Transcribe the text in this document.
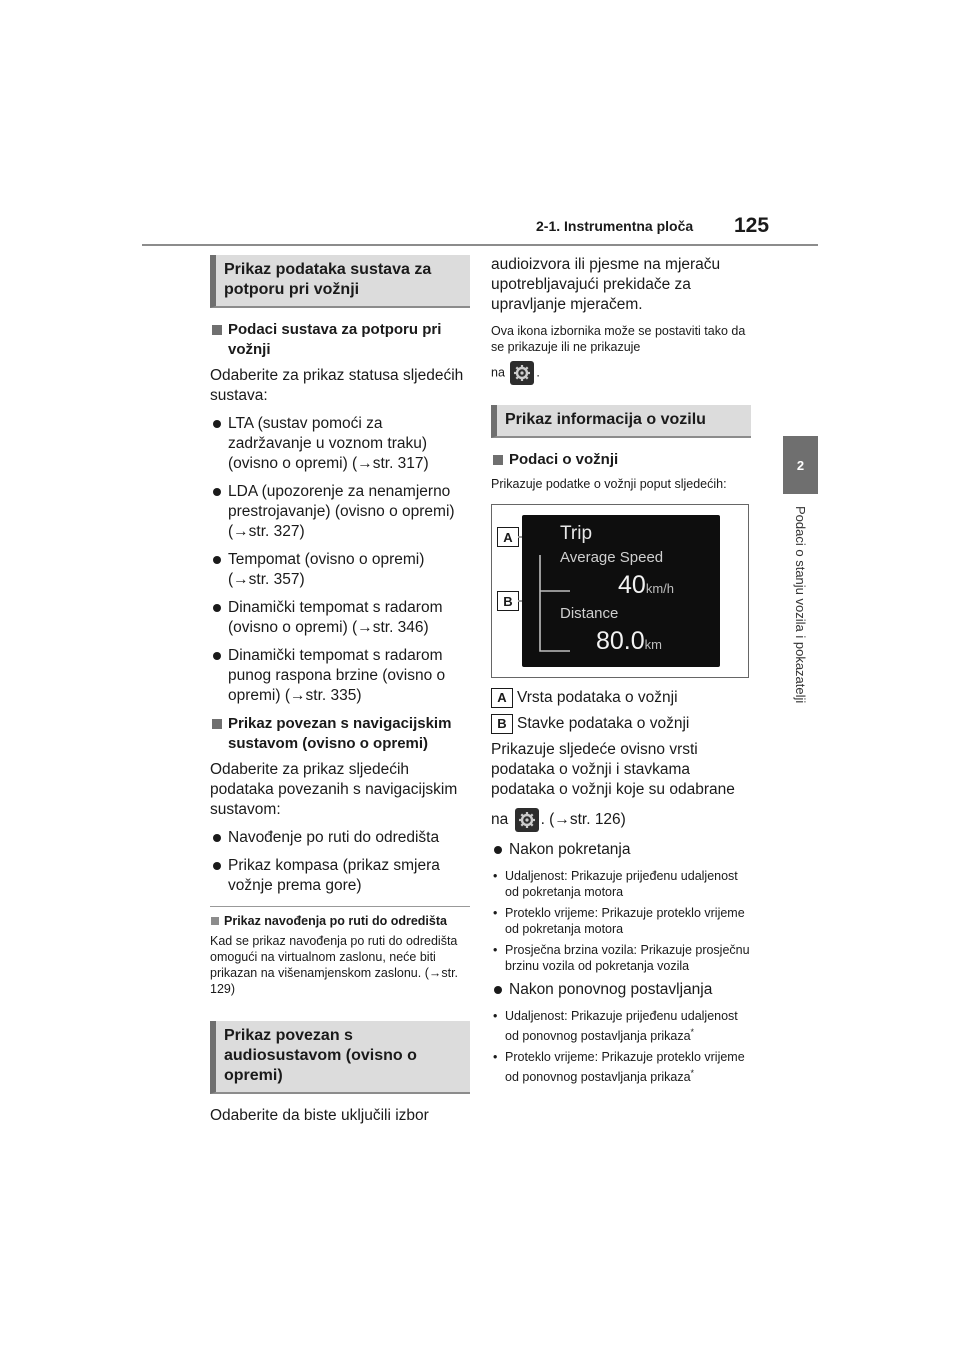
2-1. Instrumentna ploča 125
2
Podaci o stanju vozila i pokazatelji
Prikaz podataka sustava za potporu pri vožnji
Podaci sustava za potporu pri vožnji
Odaberite za prikaz statusa sljedećih sustava:
LTA (sustav pomoći za zadržavanje u voznom traku) (ovisno o opremi) (→str. 317)
LDA (upozorenje za nenamjerno prestrojavanje) (ovisno o opremi) (→str. 327)
Tempomat (ovisno o opremi) (→str. 357)
Dinamički tempomat s radarom (ovisno o opremi) (→str. 346)
Dinamički tempomat s radarom punog raspona brzine (ovisno o opremi) (→str. 335)
Prikaz povezan s navigacijskim sustavom (ovisno o opremi)
Odaberite za prikaz sljedećih podataka povezanih s navigacijskim sustavom:
Navođenje po ruti do odredišta
Prikaz kompasa (prikaz smjera vožnje prema gore)
Prikaz navođenja po ruti do odredišta
Kad se prikaz navođenja po ruti do odredišta omogući na virtualnom zaslonu, neće biti prikazan na višenamjenskom zaslonu. (→str. 129)
Prikaz povezan s audiosustavom (ovisno o opremi)
Odaberite da biste uključili izbor
audioizvora ili pjesme na mjeraču upotrebljavajući prekidače za upravljanje mjeračem.
Ova ikona izbornika može se postaviti tako da se prikazuje ili ne prikazuje
na	.
Prikaz informacija o vozilu
Podaci o vožnji
Prikazuje podatke o vožnji poput sljedećih:
A
B
Trip
Average Speed
40km/h
Distance
80.0km
A Vrsta podataka o vožnji
B Stavke podataka o vožnji
Prikazuje sljedeće ovisno vrsti podataka o vožnji i stavkama podataka o vožnji koje su odabrane
na . (→str. 126)
Nakon pokretanja
• Udaljenost: Prikazuje prijeđenu udaljenost od pokretanja motora
• Proteklo vrijeme: Prikazuje proteklo vrijeme od pokretanja motora
• Prosječna brzina vozila: Prikazuje prosječnu brzinu vozila od pokretanja vozila
Nakon ponovnog postavljanja
• Udaljenost: Prikazuje prijeđenu udaljenost od ponovnog postavljanja prikaza*
• Proteklo vrijeme: Prikazuje proteklo vrijeme od ponovnog postavljanja prikaza*
